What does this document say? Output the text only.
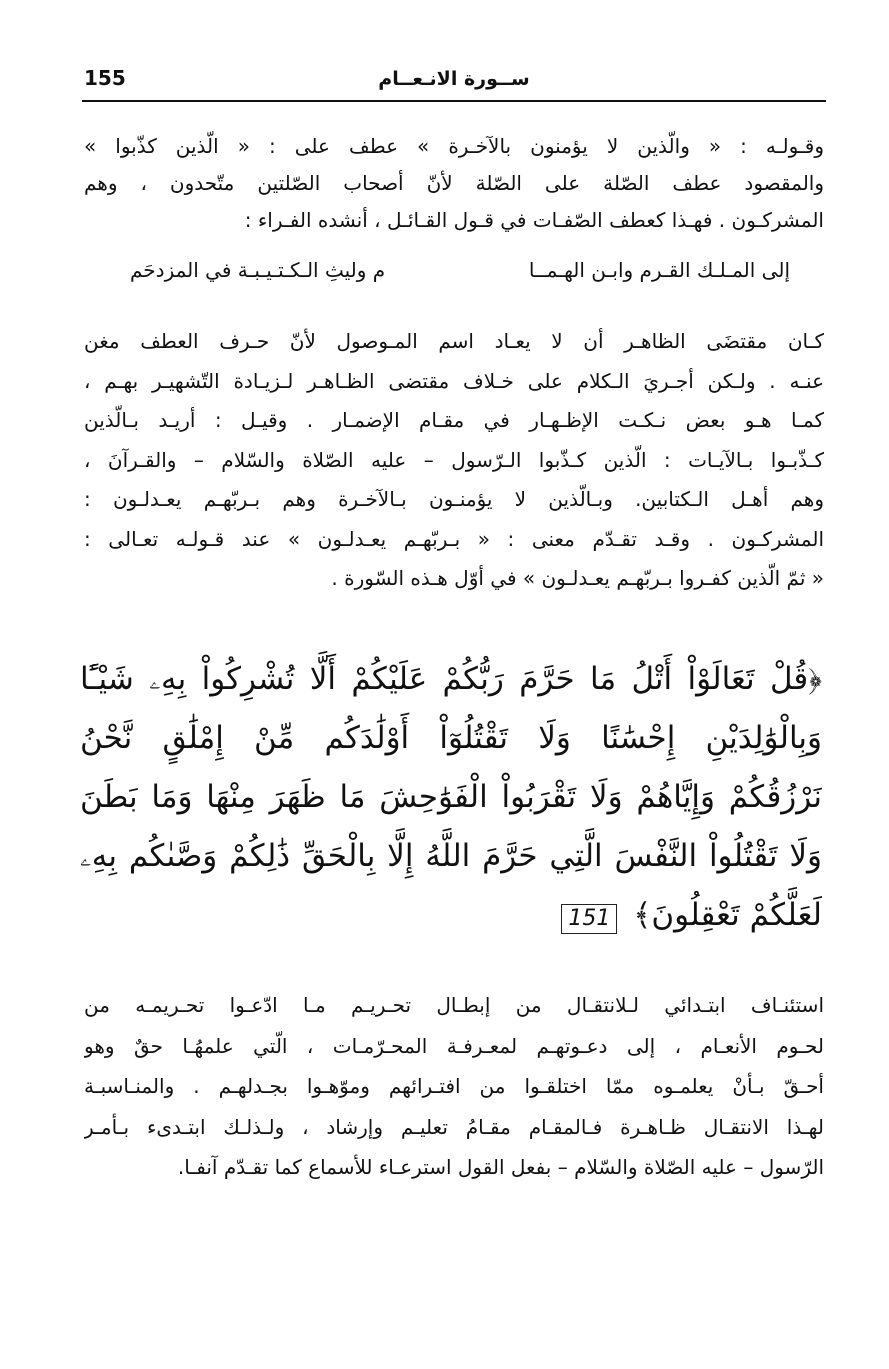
155	ســورة الانـعــام
وقـولـه : « والّذين لا يؤمنون بالآخـرة » عطف على : « الّذين كذّبوا »
والمقصود عطف الصّلة على الصّلة لأنّ أصحاب الصّلتين متّحدون ، وهم
المشركـون . فهـذا كعطف الصّفـات في قـول القـائـل ، أنشده الفـراء :
إلى المـلـك القـرم وابـن الهـمــا
م وليثِ الـكـتـيـبـة في المزدحَم
كـان مقتضَى الظاهـر أن لا يعـاد اسم المـوصول لأنّ حـرف العطف مغن
عنـه . ولـكن أجـريَ الـكلام على خـلاف مقتضى الظـاهـر لـزيـادة التّشهيـر بهـم ،
كمـا هـو بعض نـكـت الإظـهـار في مقـام الإضمـار . وقيـل : أريـد بـالّذين
كـذّبـوا بـالآيـات : الّذين كـذّبوا الـرّسول – عليه الصّلاة والسّلام – والقـرآنَ ،
وهم أهـل الـكتابين. وبـالّذين لا يؤمنـون بـالآخـرة وهم بـربّهـم يعـدلـون :
المشركـون . وقـد تقـدّم معنى : « بـربّهـم يعـدلـون » عند قـولـه تعـالى :
« ثمّ الّذين كفـروا بـربّهـم يعـدلـون » في أوّل هـذه السّورة .
﴿قُلْ تَعَالَوْاْ أَتْلُ مَا حَرَّمَ رَبُّكُمْ عَلَيْكُمْ أَلَّا تُشْرِكُواْ بِهِۦ شَيْـًٔا
وَبِالْوَٰلِدَيْنِ إِحْسَٰنًا وَلَا تَقْتُلُوٓاْ أَوْلَٰدَكُم مِّنْ إِمْلَٰقٍ نَّحْنُ
نَرْزُقُكُمْ وَإِيَّاهُمْ وَلَا تَقْرَبُواْ الْفَوَٰحِشَ مَا ظَهَرَ مِنْهَا وَمَا بَطَنَ
وَلَا تَقْتُلُواْ النَّفْسَ الَّتِي حَرَّمَ اللَّهُ إِلَّا بِالْحَقِّ ذَٰلِكُمْ وَصَّىٰكُم بِهِۦ
لَعَلَّكُمْ تَعْقِلُونَ﴾ 151
استئنـاف ابتـدائي لـلانتقـال من إبطـال تحـريـم مـا ادّعـوا تحـريمـه من
لحـوم الأنعـام ، إلى دعـوتهـم لمعـرفـة المحـرّمـات ، الّتي علمهُـا حقٌ وهو
أحـقّ بـأنْ يعلمـوه ممّا اختلقـوا من افتـرائهم وموّهـوا بجـدلهـم . والمنـاسبـة
لهـذا الانتقـال ظـاهـرة فـالمقـام مقـامُ تعليـم وإرشاد ، ولـذلـك ابتـدىء بـأمـر
الرّسول – عليه الصّلاة والسّلام – بفعل القول استرعـاء للأسماع كما تقـدّم آنفـا.
